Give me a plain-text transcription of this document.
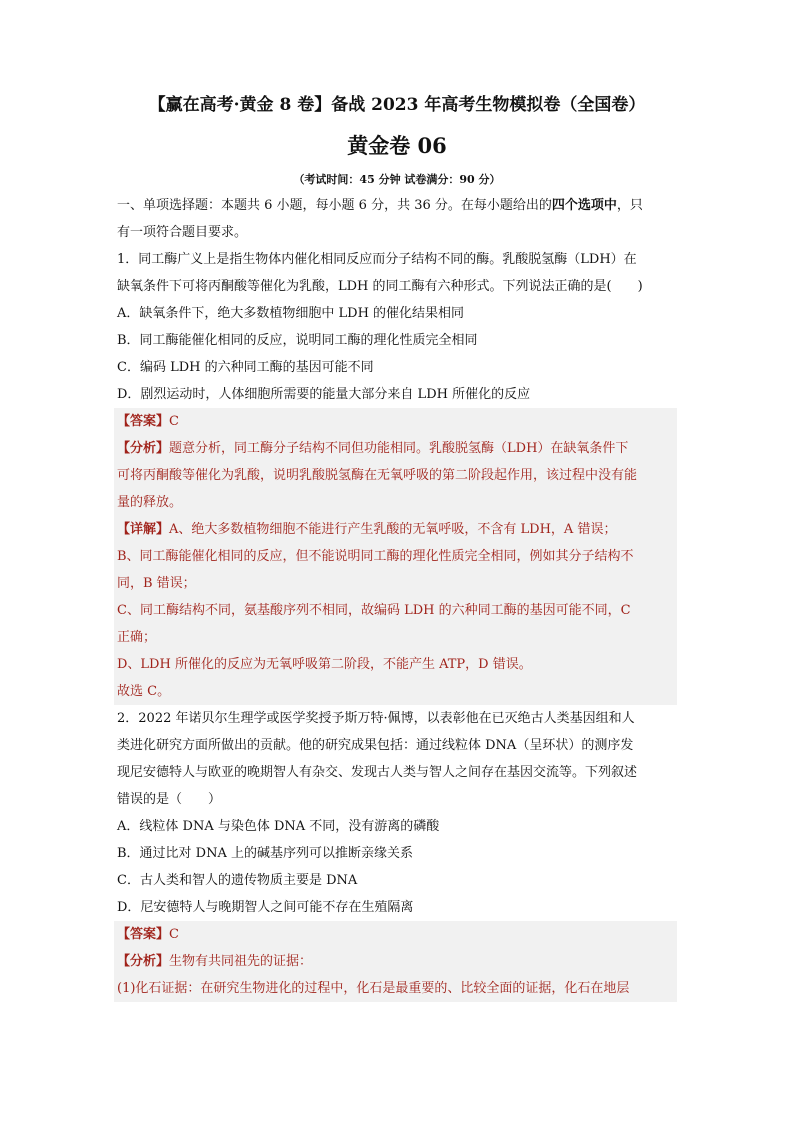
【赢在高考·黄金 8 卷】备战 2023 年高考生物模拟卷（全国卷）
黄金卷 06
（考试时间：45 分钟 试卷满分：90 分）
一、单项选择题：本题共 6 小题，每小题 6 分，共 36 分。在每小题给出的四个选项中，只
有一项符合题目要求。
1．同工酶广义上是指生物体内催化相同反应而分子结构不同的酶。乳酸脱氢酶（LDH）在
缺氧条件下可将丙酮酸等催化为乳酸，LDH 的同工酶有六种形式。下列说法正确的是(　　)
A．缺氧条件下，绝大多数植物细胞中 LDH 的催化结果相同
B．同工酶能催化相同的反应，说明同工酶的理化性质完全相同
C．编码 LDH 的六种同工酶的基因可能不同
D．剧烈运动时，人体细胞所需要的能量大部分来自 LDH 所催化的反应
【答案】C
【分析】题意分析，同工酶分子结构不同但功能相同。乳酸脱氢酶（LDH）在缺氧条件下
可将丙酮酸等催化为乳酸，说明乳酸脱氢酶在无氧呼吸的第二阶段起作用，该过程中没有能
量的释放。
【详解】A、绝大多数植物细胞不能进行产生乳酸的无氧呼吸，不含有 LDH，A 错误；
B、同工酶能催化相同的反应，但不能说明同工酶的理化性质完全相同，例如其分子结构不
同，B 错误；
C、同工酶结构不同，氨基酸序列不相同，故编码 LDH 的六种同工酶的基因可能不同，C
正确；
D、LDH 所催化的反应为无氧呼吸第二阶段，不能产生 ATP，D 错误。
故选 C。
2．2022 年诺贝尔生理学或医学奖授予斯万特·佩博，以表彰他在已灭绝古人类基因组和人
类进化研究方面所做出的贡献。他的研究成果包括：通过线粒体 DNA（呈环状）的测序发
现尼安德特人与欧亚的晚期智人有杂交、发现古人类与智人之间存在基因交流等。下列叙述
错误的是（　　）
A．线粒体 DNA 与染色体 DNA 不同，没有游离的磷酸
B．通过比对 DNA 上的碱基序列可以推断亲缘关系
C．古人类和智人的遗传物质主要是 DNA
D．尼安德特人与晚期智人之间可能不存在生殖隔离
【答案】C
【分析】生物有共同祖先的证据：
(1)化石证据：在研究生物进化的过程中，化石是最重要的、比较全面的证据，化石在地层
